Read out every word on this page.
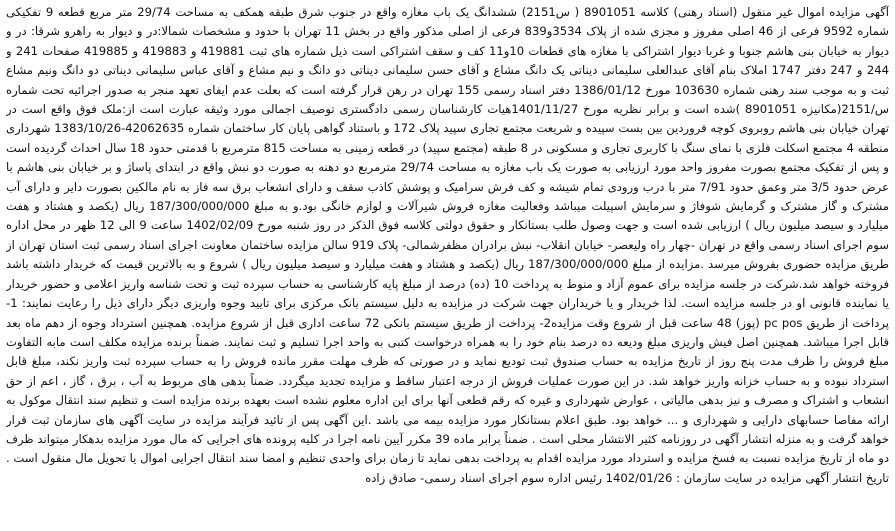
آگهی مزایده اموال غیر منقول (اسناد رهنی) کلاسه 8901051 ( س2151) ششدانگ یک باب مغازه واقع در جنوب شرق طبقه همکف به مساحت 29/74 متر مربع قطعه 9 تفکیکی شماره 9592 فرعی از 46 اصلی مفروز و مجزی شده از پلاک 3534و839 فرعی از اصلی مذکور واقع در بخش 11 تهران با حدود و مشخصات شمالا:در و دیوار به راهرو شرقا: در و دیوار به خیابان بنی هاشم جنوبا و غربا دیوار اشتراکی با مغازه های قطعات 10و11 کف و سقف اشتراکی است ذیل شماره های ثبت 419881 و 419883 و 419885 صفحات 241 و 244 و 247 دفتر 1747 املاک بنام آقای عبدالعلی سلیمانی دیناتی یک دانگ مشاع و آقای حسن سلیمانی دیناتی دو دانگ و نیم مشاع و آقای عباس سلیمانی دیناتی دو دانگ ونیم مشاع ثبت و به موجب سند رهنی شماره 103630 مورخ 1386/01/12 دفتر اسناد رسمی 155 تهران در رهن قرار گرفته است که بعلت عدم ایفای تعهد منجر به صدور اجرائیه تحت شماره س/2151(مکانیزه 8901051 )شده است و برابر نظریه مورخ 1401/11/27هیات کارشناسان رسمی دادگستری توصیف اجمالی مورد وثیقه عبارت است از:ملک فوق واقع است در تهران خیابان بنی هاشم روبروی کوچه فروردین بین بست سپیده و شریعت مجتمع تجاری سپید پلاک 172 و باستناد گواهی پایان کار ساختمان شماره 42062635-1383/10/26 شهرداری منطقه 4 مجتمع اسکلت فلزی با نمای سنگ با کاربری تجاری و مسکونی در 8 طبقه (مجتمع سپید) در قطعه زمینی به مساحت 815 مترمربع با قدمتی حدود 18 سال احداث گردیده است و پس از تفکیک مجتمع بصورت مفروز واحد مورد ارزیابی به صورت یک باب مغازه به مساحت 29/74 مترمربع دو دهنه به صورت دو نبش واقع در ابتدای پاساژ و بر خیابان بنی هاشم با عرض حدود 3/5 متر وعمق حدود 7/91 متر با درب ورودی تمام شیشه و کف فرش سرامیک و پوشش کاذب سقف و دارای انشعاب برق سه فاز به نام مالکین بصورت دایر و دارای آب مشترک و گاز مشترک و گرمایش شوفاژ و سرمایش اسپیلت میباشد وفعالیت مغازه فروش شیرآلات و لوازم خانگی بود.و به مبلغ 187/300/000/000 ریال (یکصد و هشتاد و هفت میلیارد و سیصد میلیون ریال ) ارزیابی شده است و جهت وصول طلب بستانکار و حقوق دولتی کلاسه فوق الذکر در روز شنبه مورخ 1402/02/09 ساعت 9 الی 12 ظهر در محل اداره سوم اجرای اسناد رسمی واقع در تهران -چهار راه ولیعصر- خیابان انقلاب- نبش برادران مظفرشمالی- پلاک 919 سالن مزایده ساختمان معاونت اجرای اسناد رسمی ثبت استان تهران از طریق مزایده حضوری بفروش میرسد .مزایده از مبلغ 187/300/000/000 ریال (یکصد و هشتاد و هفت میلیارد و سیصد میلیون ریال ) شروع و به بالاترین قیمت که خریدار داشته باشد فروخته خواهد شد.شرکت در جلسه مزایده برای عموم آزاد و منوط به پرداخت 10 (ده) درصد از مبلغ پایه کارشناسی به حساب سپرده ثبت و تحت شناسه واریز اعلامی و حضور خریدار یا نماینده قانونی او در جلسه مزایده است. لذا خریدار و یا خریداران جهت شرکت در مزایده به دلیل سیستم بانک مرکزی برای تایید وجوه واریزی دیگر دارای ذیل را رعایت نمایند: 1- پرداخت از طریق pc pos (پوز) 48 ساعت قبل از شروع وقت مزایده2- پرداخت از طریق سیستم بانکی 72 ساعت اداری قبل از شروع مزایده. همچنین استرداد وجوه از دهم ماه بعد قابل اجرا میباشد. همچنین اصل فیش واریزی مبلغ ودیعه ده درصد بنام خود را به همراه درخواست کتبی به واحد اجرا تسلیم و ثبت نمایند. ضمناً برنده مزایده مکلف است مابه التفاوت مبلغ فروش را ظرف مدت پنج روز از تاریخ مزایده به حساب صندوق ثبت تودیع نماید و در صورتی که ظرف مهلت مقرر مانده فروش را به حساب سپرده ثبت واریز نکند، مبلغ قابل استرداد نبوده و به حساب خزانه واریز خواهد شد. در این صورت عملیات فروش از درجه اعتبار ساقط و مزایده تجدید میگردد. ضمناً بدهی های مربوط به آب ، برق ، گاز ، اعم از حق انشعاب و اشتراک و مصرف و نیز بدهی مالیاتی ، عوارض شهرداری و غیره که رقم قطعی آنها برای این اداره معلوم نشده است بعهده برنده مزایده است و تنظیم سند انتقال موکول به ارائه مفاصا حسابهای دارایی و شهرداری و ... خواهد بود. طبق اعلام بستانکار مورد مزایده بیمه می باشد .این آگهی پس از تائید فرآیند مزایده در سایت آگهی های سازمان ثبت قرار خواهد گرفت و به منزله انتشار آگهی در روزنامه کثیر الانتشار محلی است . ضمناً برابر ماده 39 مکرر آیین نامه اجرا در کلیه پرونده های اجرایی که مال مورد مزایده بدهکار میتواند ظرف دو ماه از تاریخ مزایده نسبت به فسخ مزایده و استرداد مورد مزایده اقدام به پرداخت بدهی نماید تا زمان برای واحدی تنظیم و امضا سند انتقال اجرایی اموال یا تحویل مال منقول است . تاریخ انتشار آگهی مزایده در سایت سازمان : 1402/01/26 رئیس اداره سوم اجرای اسناد رسمی- صادق زاده
